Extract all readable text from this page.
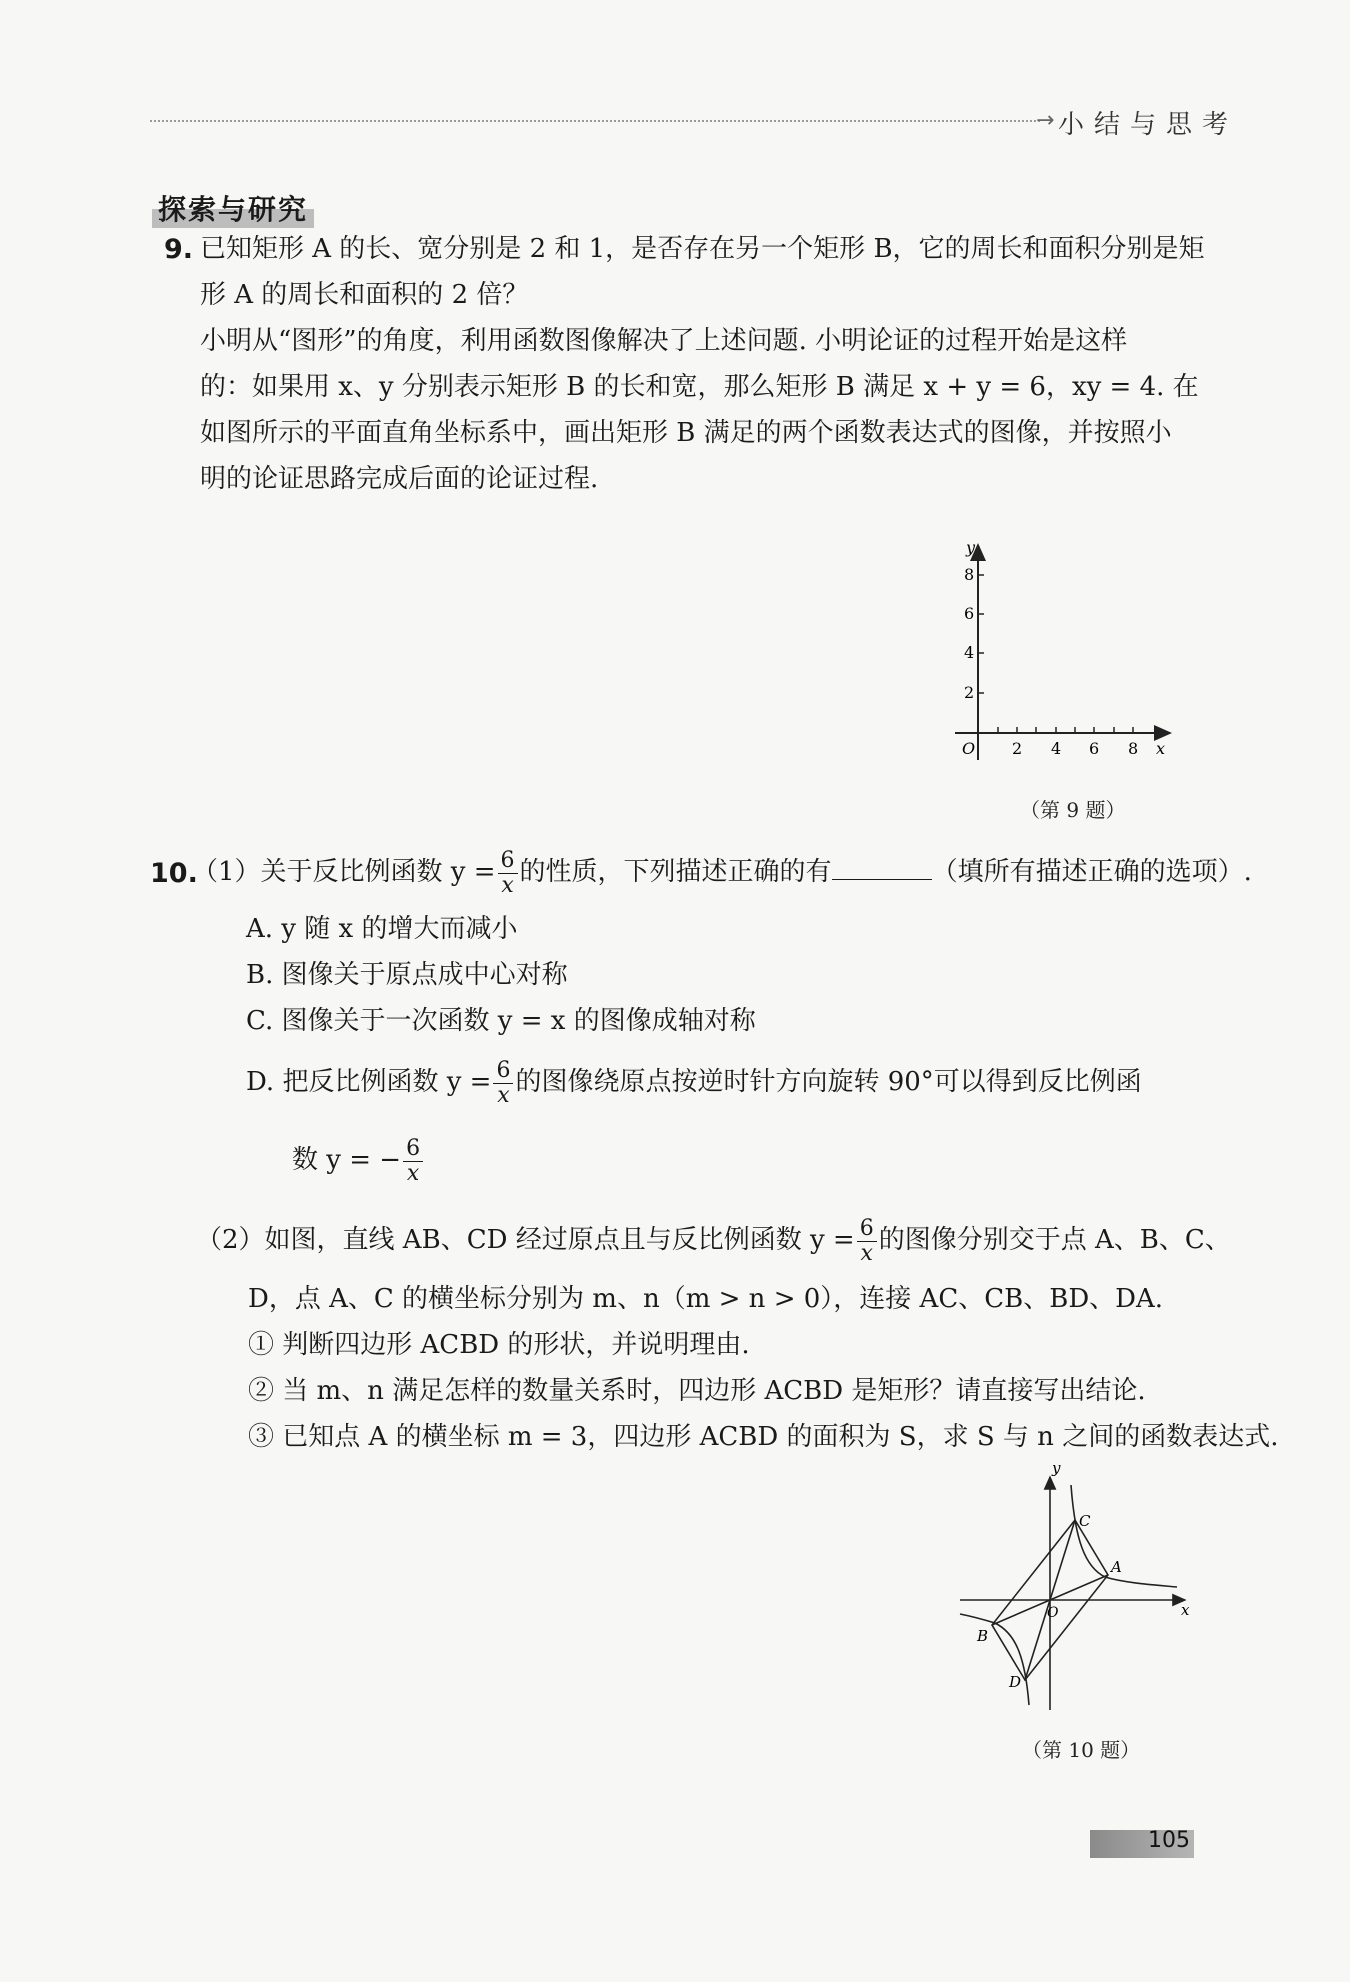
→ 小结与思考
探索与研究
9. 已知矩形 A 的长、宽分别是 2 和 1，是否存在另一个矩形 B，它的周长和面积分别是矩
形 A 的周长和面积的 2 倍？
小明从“图形”的角度，利用函数图像解决了上述问题. 小明论证的过程开始是这样
的：如果用 x、y 分别表示矩形 B 的长和宽，那么矩形 B 满足 x + y = 6，xy = 4. 在
如图所示的平面直角坐标系中，画出矩形 B 满足的两个函数表达式的图像，并按照小
明的论证思路完成后面的论证过程.
y
8
6
4
2
O 2 4 6 8 x
（第 9 题）
10.
（1）关于反比例函数 $y = \frac{6}{x}$ 的性质，下列描述正确的有	（填所有描述正确的选项）.
A. y 随 x 的增大而减小
B. 图像关于原点成中心对称
C. 图像关于一次函数 y = x 的图像成轴对称
D. 把反比例函数 $y = \frac{6}{x}$ 的图像绕原点按逆时针方向旋转 90°可以得到反比例函
数 y = − $\frac{6}{x}$
（2）如图，直线 AB、CD 经过原点且与反比例函数 $y = \frac{6}{x}$ 的图像分别交于点 A、B、C、
D，点 A、C 的横坐标分别为 m、n（m > n > 0），连接 AC、CB、BD、DA.
① 判断四边形 ACBD 的形状，并说明理由.
② 当 m、n 满足怎样的数量关系时，四边形 ACBD 是矩形？请直接写出结论.
③ 已知点 A 的横坐标 m = 3，四边形 ACBD 的面积为 S，求 S 与 n 之间的函数表达式.
y
x
O
A
B
C
D
（第 10 题）
105
